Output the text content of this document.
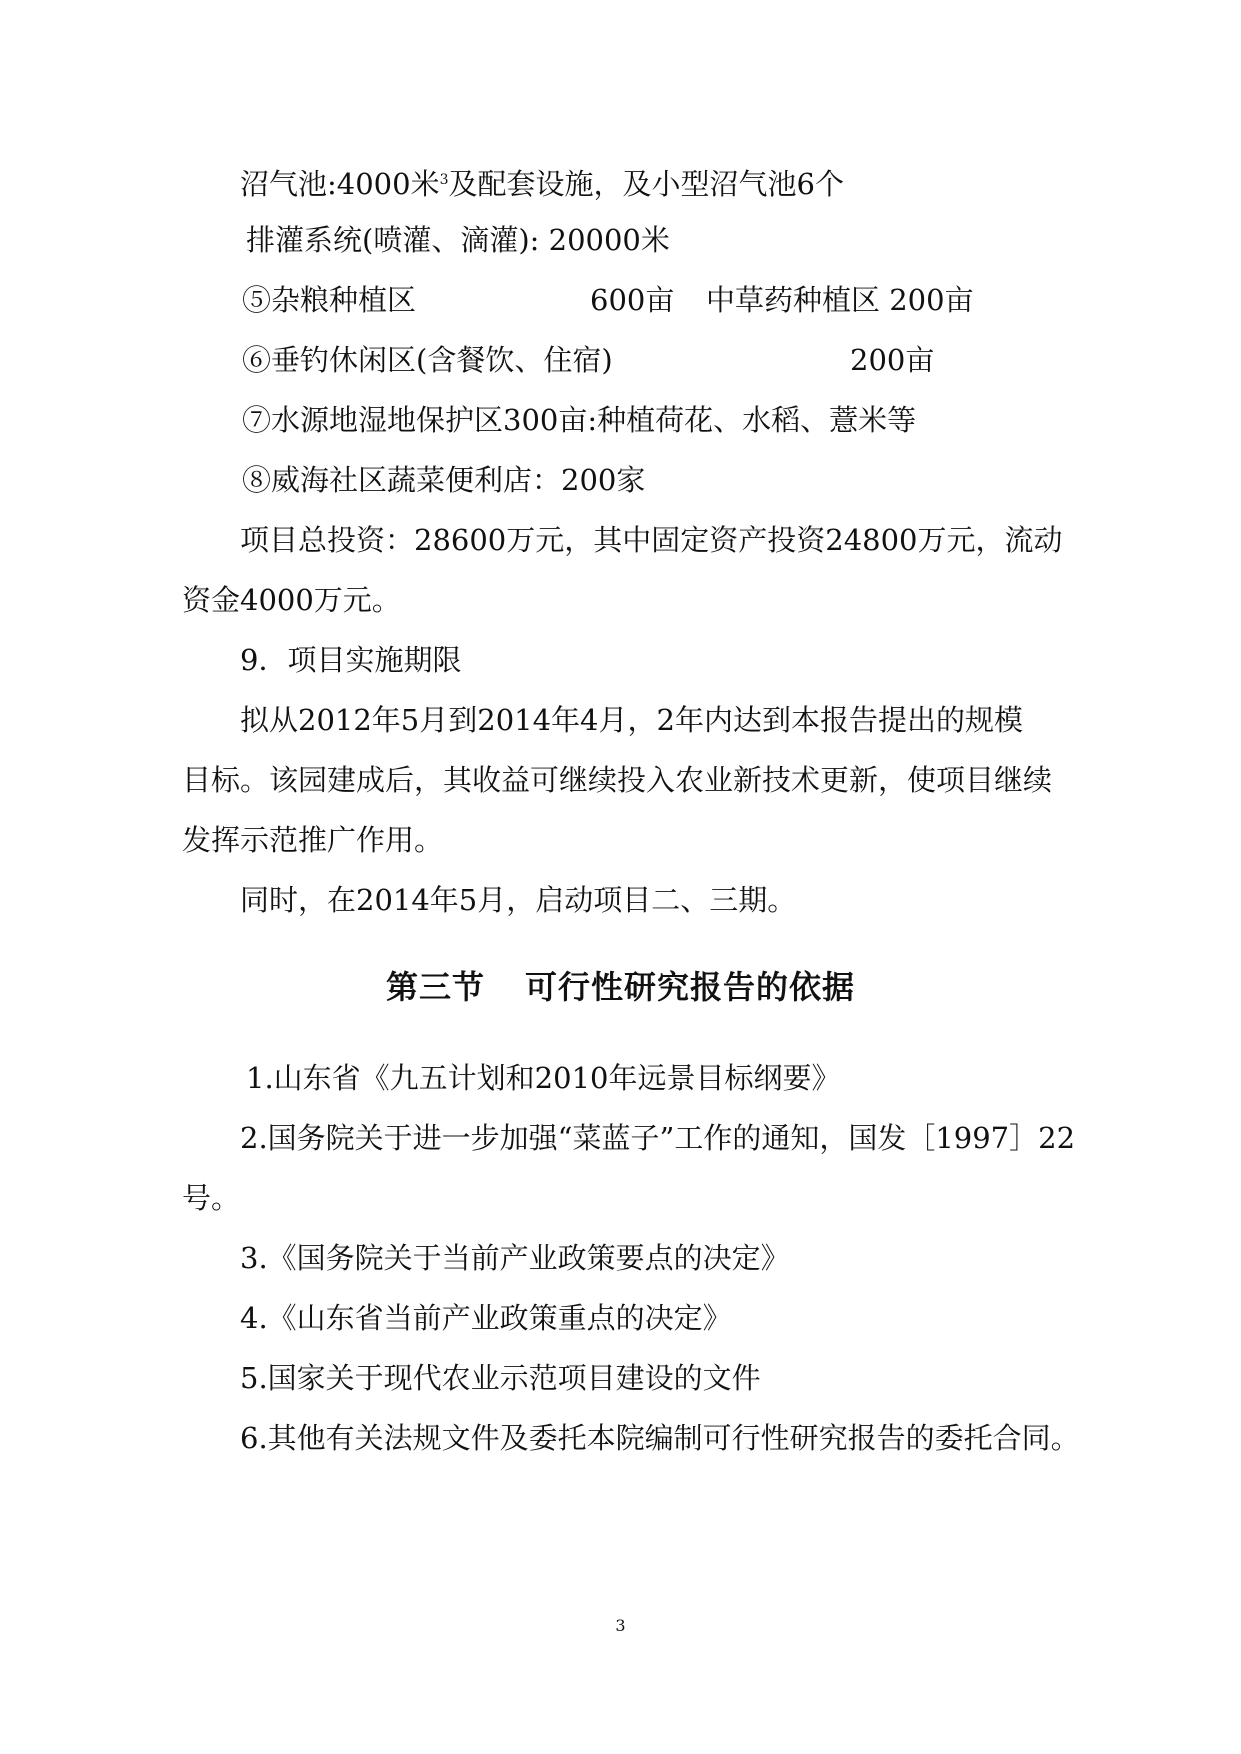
沼气池:4000米$^3$及配套设施，及小型沼气池6个
排灌系统(喷灌、滴灌): 20000米
⑤杂粮种植区	600亩 中草药种植区 200亩
⑥垂钓休闲区(含餐饮、住宿)	200亩
⑦水源地湿地保护区300亩:种植荷花、水稻、薏米等
⑧威海社区蔬菜便利店：200家
项目总投资：28600万元，其中固定资产投资24800万元，流动
资金4000万元。
9．项目实施期限
拟从2012年5月到2014年4月，2年内达到本报告提出的规模
目标。该园建成后，其收益可继续投入农业新技术更新，使项目继续
发挥示范推广作用。
同时，在2014年5月，启动项目二、三期。
第三节 可行性研究报告的依据
1.山东省《九五计划和2010年远景目标纲要》
2.国务院关于进一步加强“菜蓝子”工作的通知，国发［1997］22
号。
3.《国务院关于当前产业政策要点的决定》
4.《山东省当前产业政策重点的决定》
5.国家关于现代农业示范项目建设的文件
6.其他有关法规文件及委托本院编制可行性研究报告的委托合同。
3
